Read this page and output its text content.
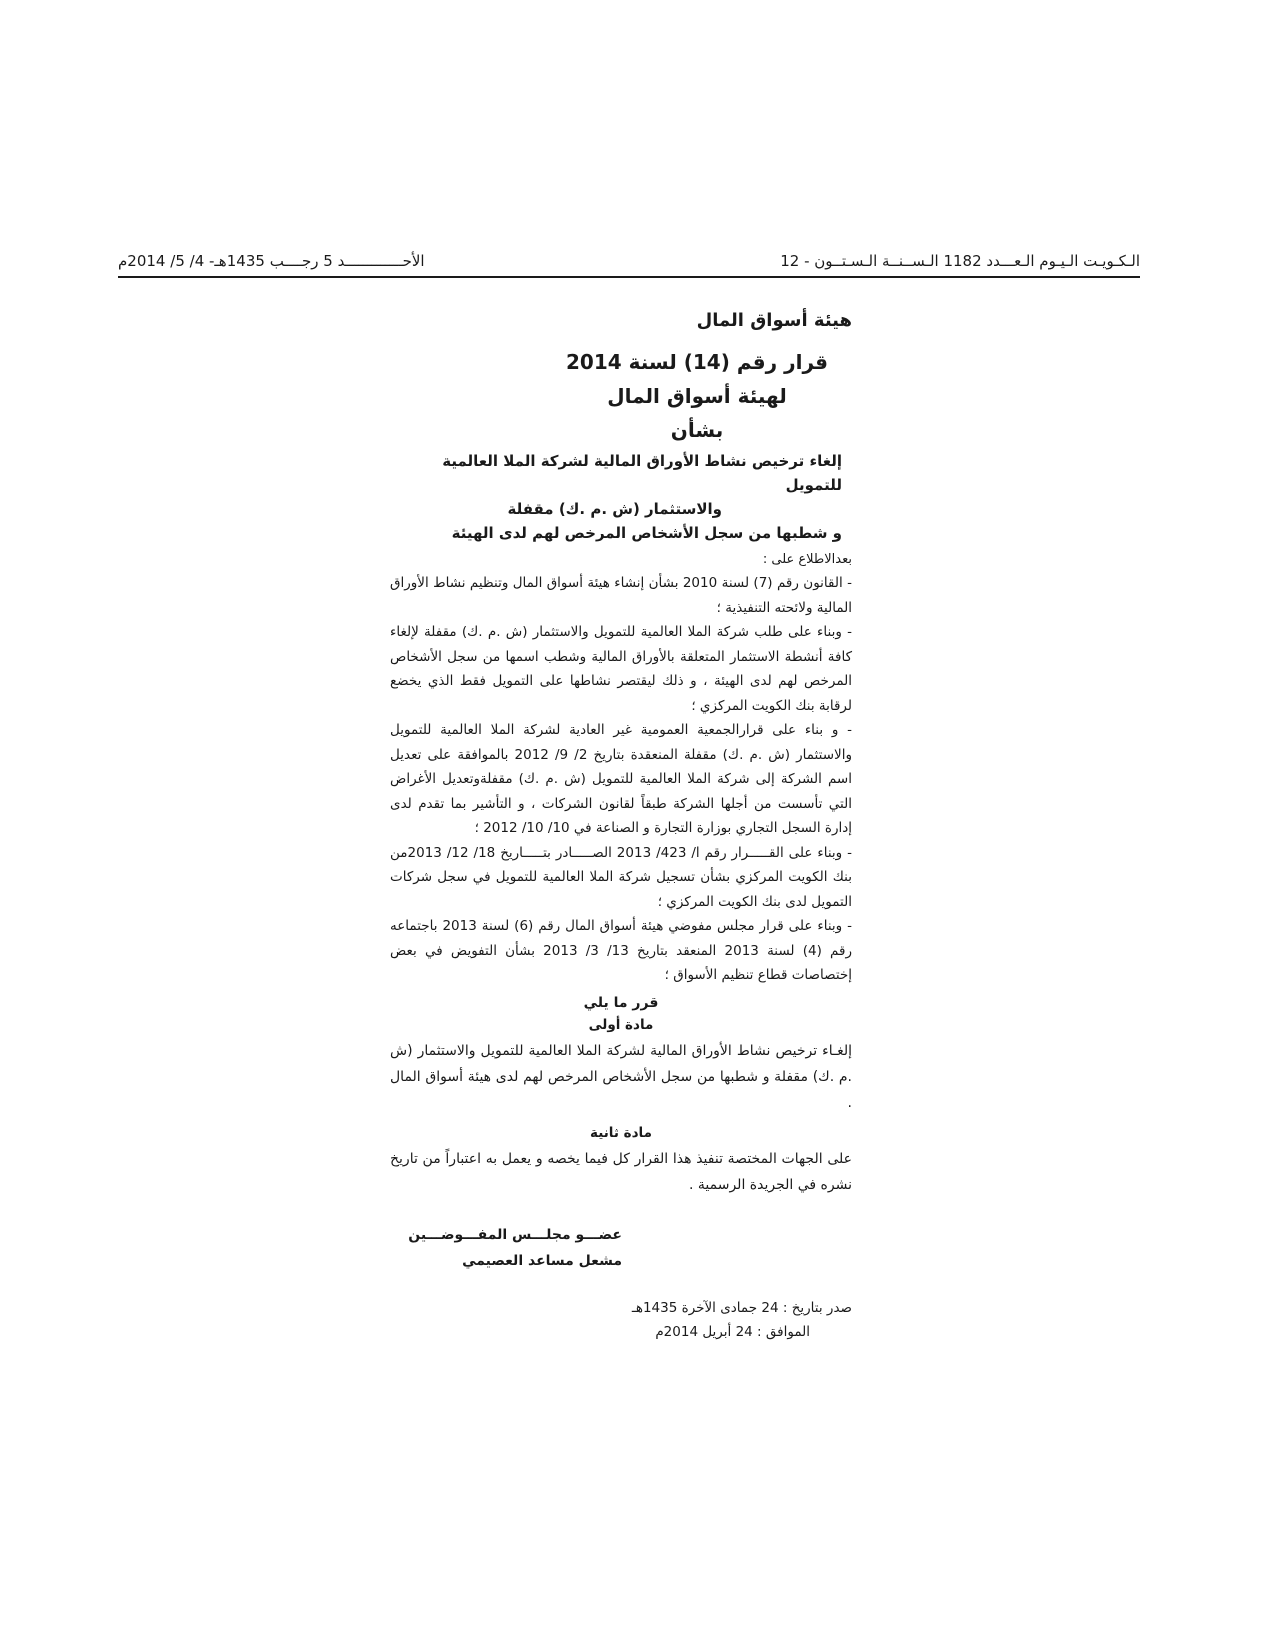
الـكـويـت الـيـوم الـعـــدد 1182 الـســنــة الـسـتــون - 12
الأحـــــــــــــد 5 رجــــب 1435هـ- 4/ 5/ 2014م
هيئة أسواق المال
قرار رقم (14) لسنة 2014
لهيئة أسواق المال
بشأن
إلغاء ترخيص نشاط الأوراق المالية لشركة الملا العالمية للتمويل
والاستثمار (ش .م .ك) مقفلة
و شطبها من سجل الأشخاص المرخص لهم لدى الهيئة
بعدالاطلاع على :

- القانون رقم (7) لسنة 2010 بشأن إنشاء هيئة أسواق المال وتنظيم نشاط الأوراق المالية ولائحته التنفيذية ؛

- وبناء على طلب شركة الملا العالمية للتمويل والاستثمار (ش .م .ك) مقفلة لإلغاء كافة أنشطة الاستثمار المتعلقة بالأوراق المالية وشطب اسمها من سجل الأشخاص المرخص لهم لدى الهيئة ، و ذلك ليقتصر نشاطها على التمويل فقط الذي يخضع لرقابة بنك الكويت المركزي ؛

- و بناء على قرارالجمعية العمومية غير العادية لشركة الملا العالمية للتمويل والاستثمار (ش .م .ك) مقفلة المنعقدة بتاريخ 2/ 9/ 2012 بالموافقة على تعديل اسم الشركة إلى شركة الملا العالمية للتمويل (ش .م .ك) مقفلةوتعديل الأغراض التي تأسست من أجلها الشركة طبقاً لقانون الشركات ، و التأشير بما تقدم لدى إدارة السجل التجاري بوزارة التجارة و الصناعة في 10/ 10/ 2012 ؛

- وبناء على القـــــرار رقم ا/ 423/ 2013 الصـــــادر بتـــــاريخ 18/ 12/ 2013من بنك الكويت المركزي بشأن تسجيل شركة الملا العالمية للتمويل في سجل شركات التمويل لدى بنك الكويت المركزي ؛

- وبناء على قرار مجلس مفوضي هيئة أسواق المال رقم (6) لسنة 2013 باجتماعه رقم (4) لسنة 2013 المنعقد بتاريخ 13/ 3/ 2013 بشأن التفويض في بعض إختصاصات قطاع تنظيم الأسواق ؛

قرر ما يلي
مادة أولى

إلغـاء ترخيص نشاط الأوراق المالية لشركة الملا العالمية للتمويل والاستثمار (ش .م .ك) مقفلة و شطبها من سجل الأشخاص المرخص لهم لدى هيئة أسواق المال .

مادة ثانية

على الجهات المختصة تنفيذ هذا القرار كل فيما يخصه و يعمل به اعتباراً من تاريخ نشره في الجريدة الرسمية .

عضـــو مجلـــس المفـــوضـــين
مشعل مساعد العصيمي
صدر بتاريخ : 24 جمادى الآخرة 1435هـ
الموافق : 24 أبريل 2014م
